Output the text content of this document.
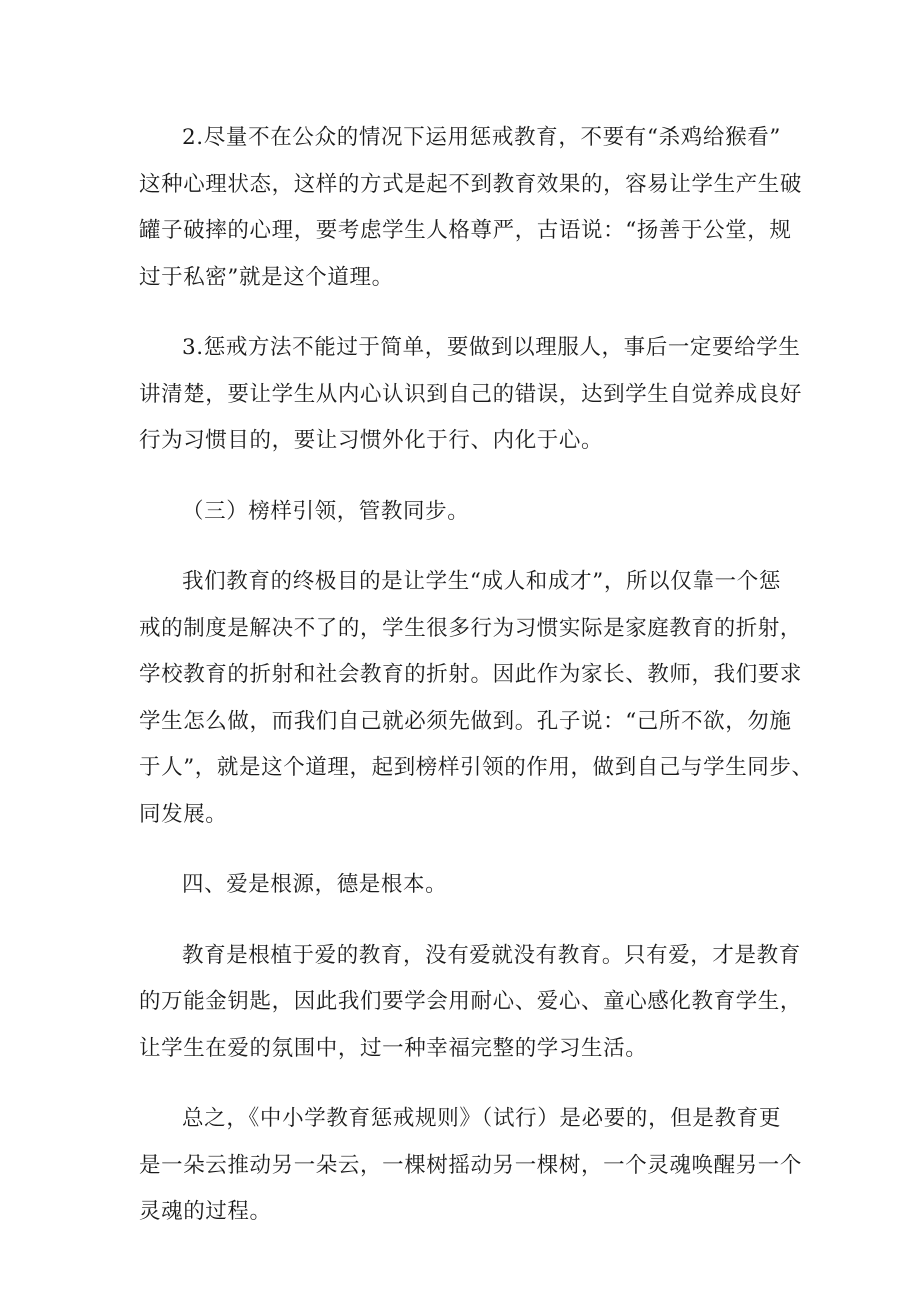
2.尽量不在公众的情况下运用惩戒教育，不要有“杀鸡给猴看”
这种心理状态，这样的方式是起不到教育效果的，容易让学生产生破
罐子破摔的心理，要考虑学生人格尊严，古语说：“扬善于公堂，规
过于私密”就是这个道理。
3.惩戒方法不能过于简单，要做到以理服人，事后一定要给学生
讲清楚，要让学生从内心认识到自己的错误，达到学生自觉养成良好
行为习惯目的，要让习惯外化于行、内化于心。
（三）榜样引领，管教同步。
我们教育的终极目的是让学生“成人和成才”，所以仅靠一个惩
戒的制度是解决不了的，学生很多行为习惯实际是家庭教育的折射，
学校教育的折射和社会教育的折射。因此作为家长、教师，我们要求
学生怎么做，而我们自己就必须先做到。孔子说：“己所不欲，勿施
于人”，就是这个道理，起到榜样引领的作用，做到自己与学生同步、
同发展。
四、爱是根源，德是根本。
教育是根植于爱的教育，没有爱就没有教育。只有爱，才是教育
的万能金钥匙，因此我们要学会用耐心、爱心、童心感化教育学生，
让学生在爱的氛围中，过一种幸福完整的学习生活。
总之，《中小学教育惩戒规则》（试行）是必要的，但是教育更
是一朵云推动另一朵云，一棵树摇动另一棵树，一个灵魂唤醒另一个
灵魂的过程。
